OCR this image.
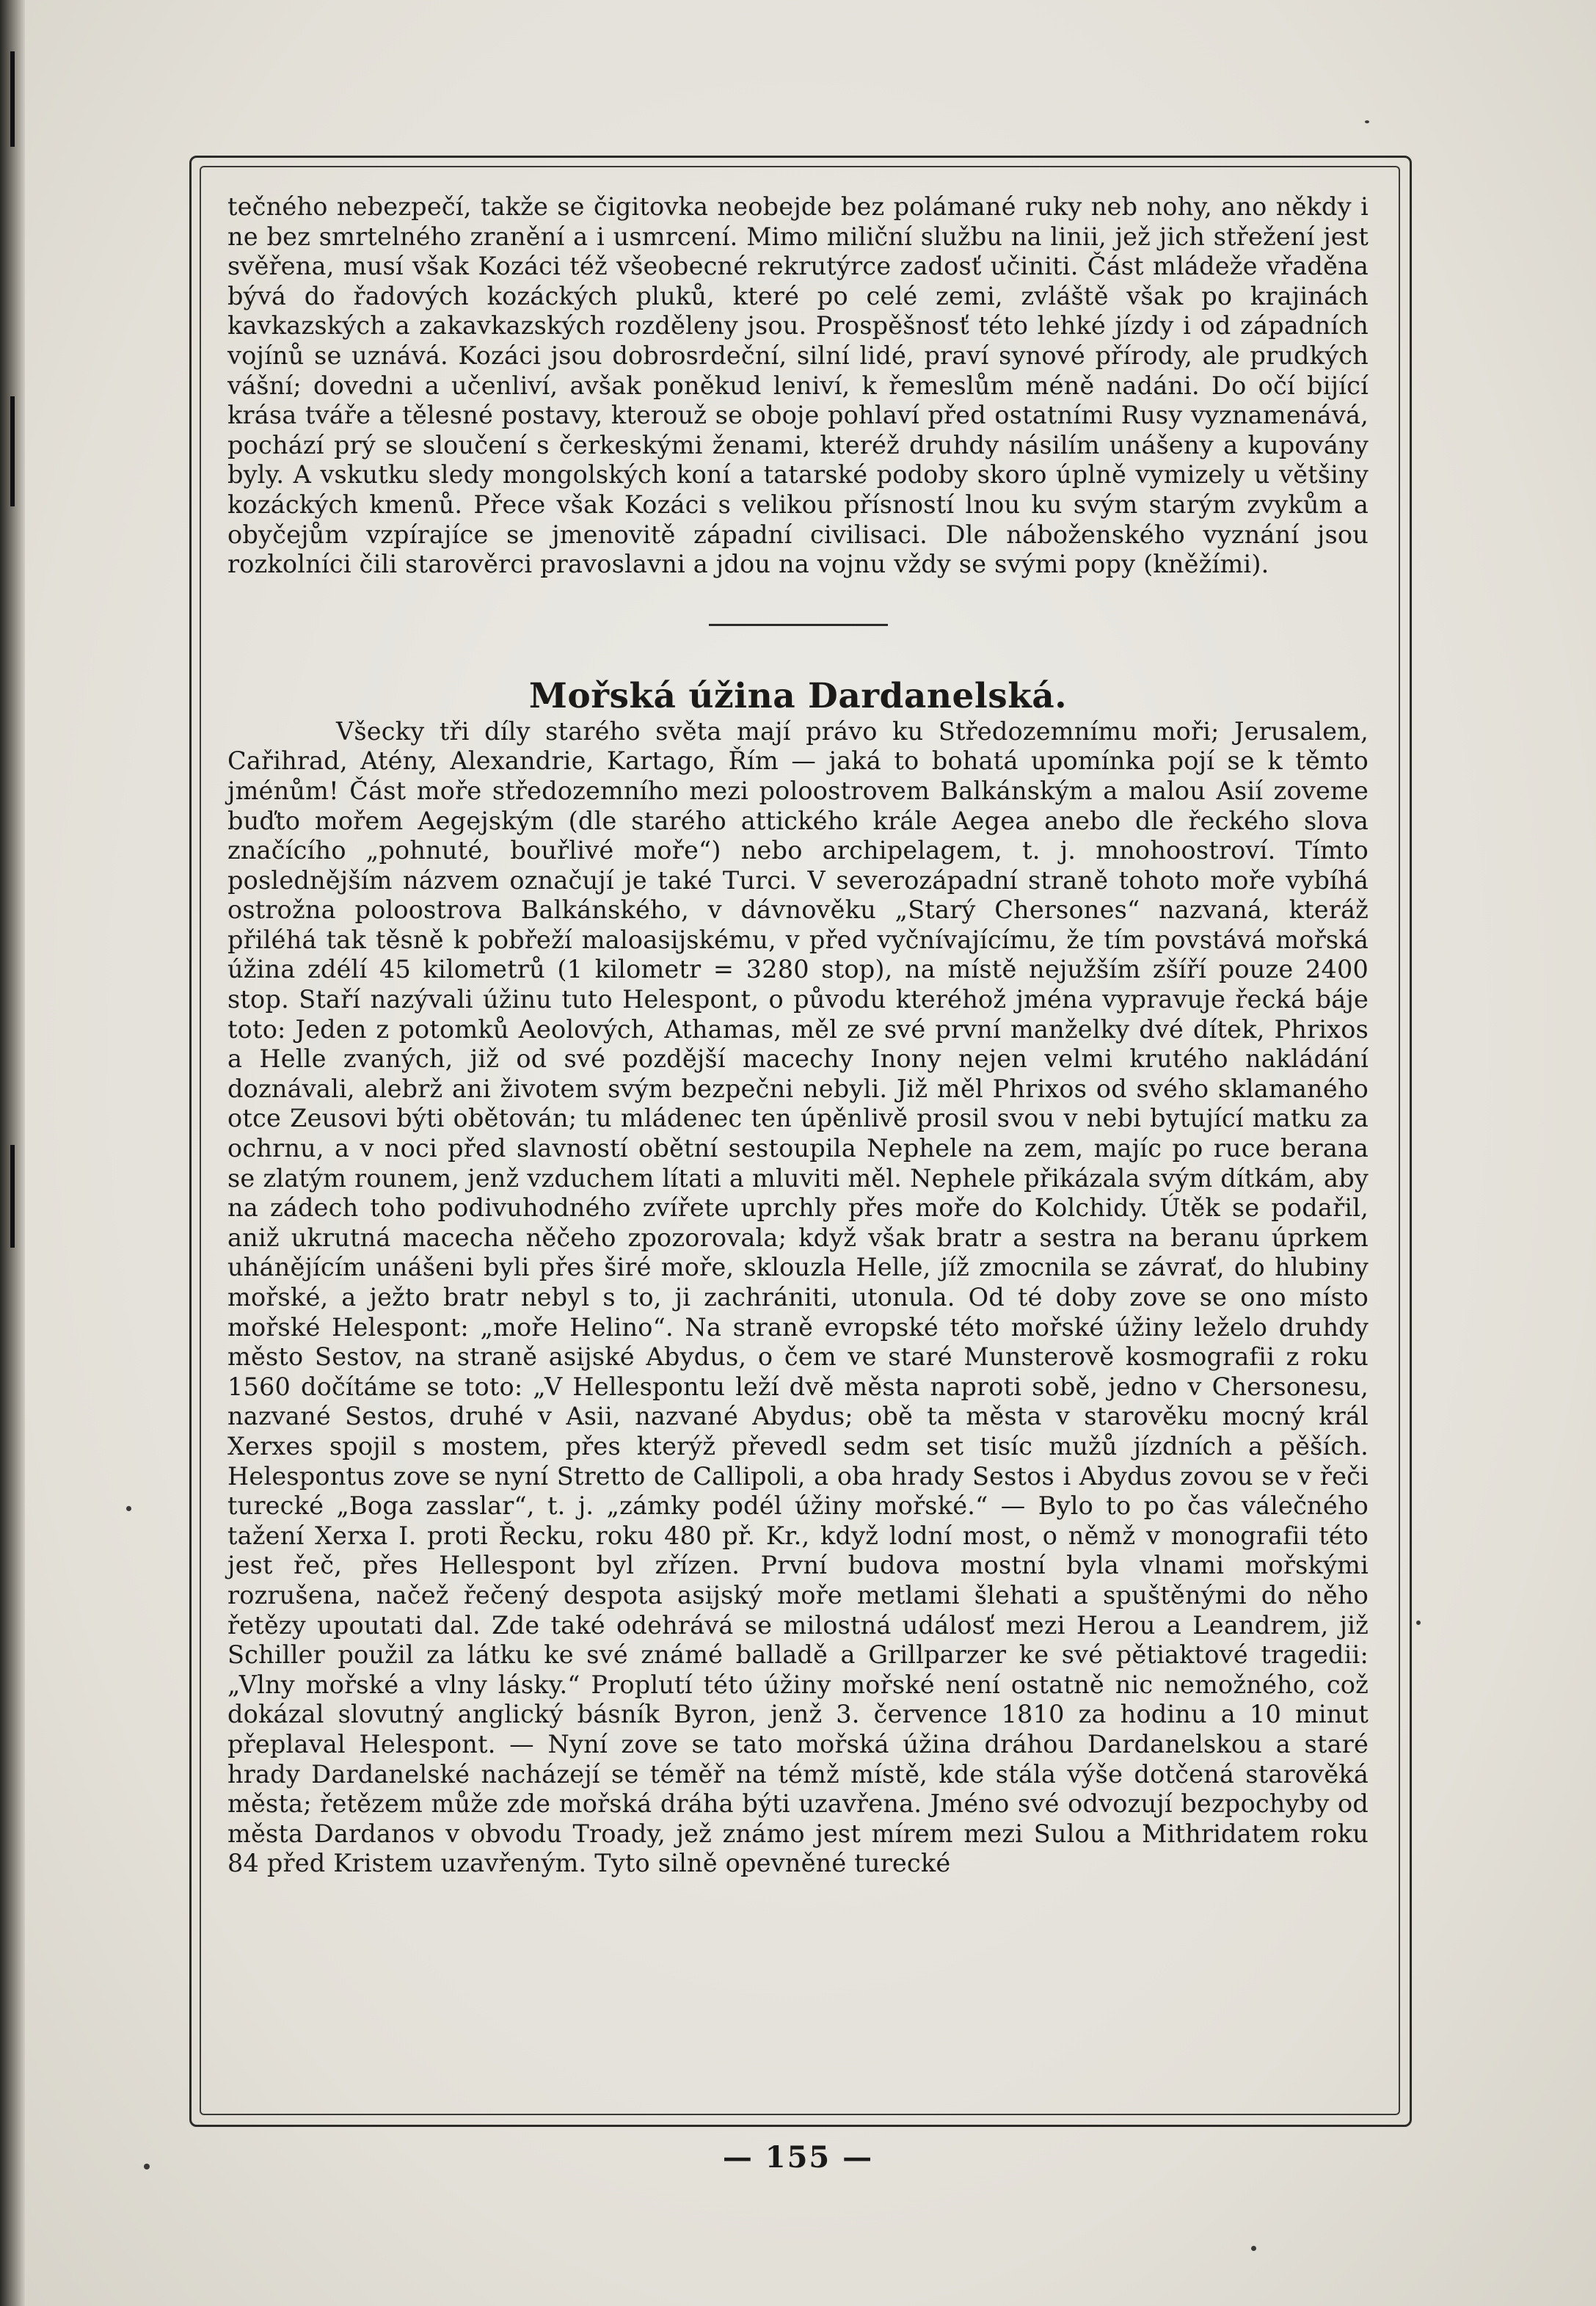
tečného nebezpečí, takže se čigitovka neobejde bez polámané ruky neb nohy, ano někdy i ne bez smrtelného zranění a i usmrcení. Mimo miliční službu na linii, jež jich střežení jest svěřena, musí však Kozáci též všeobecné rekrutýrce zadosť učiniti. Část mládeže vřaděna bývá do řadových kozáckých pluků, které po celé zemi, zvláště však po krajinách kavkazských a zakavkazských rozděleny jsou. Prospěšnosť této lehké jízdy i od západních vojínů se uznává. Kozáci jsou dobrosrdeční, silní lidé, praví synové přírody, ale prudkých vášní; dovedni a učenliví, avšak poněkud leniví, k řemeslům méně nadáni. Do očí bijící krása tváře a tělesné postavy, kterouž se oboje pohlaví před ostatními Rusy vyznamenává, pochází prý se sloučení s čerkeskými ženami, kteréž druhdy násilím unášeny a kupovány byly. A vskutku sledy mongolských koní a tatarské podoby skoro úplně vymizely u většiny kozáckých kmenů. Přece však Kozáci s velikou přísností lnou ku svým starým zvykům a obyčejům vzpírajíce se jmenovitě západní civilisaci. Dle náboženského vyznání jsou rozkolníci čili starověrci pravoslavni a jdou na vojnu vždy se svými popy (kněžími).

Mořská úžina Dardanelská.

Všecky tři díly starého světa mají právo ku Středozemnímu moři; Jerusalem, Cařihrad, Atény, Alexandrie, Kartago, Řím — jaká to bohatá upomínka pojí se k těmto jménům! Část moře středozemního mezi poloostrovem Balkánským a malou Asií zoveme buďto mořem Aegejským (dle starého attického krále Aegea anebo dle řeckého slova značícího „pohnuté, bouřlivé moře“) nebo archipelagem, t. j. mnohoostroví. Tímto poslednějším názvem označují je také Turci. V severozápadní straně tohoto moře vybíhá ostrožna poloostrova Balkánského, v dávnověku „Starý Chersones“ nazvaná, kteráž přiléhá tak těsně k pobřeží maloasijskému, v před vyčnívajícímu, že tím povstává mořská úžina zdélí 45 kilometrů (1 kilometr = 3280 stop), na místě nejužším zšíří pouze 2400 stop. Staří nazývali úžinu tuto Helespont, o původu kteréhož jména vypravuje řecká báje toto: Jeden z potomků Aeolových, Athamas, měl ze své první manželky dvé dítek, Phrixos a Helle zvaných, již od své pozdější macechy Inony nejen velmi krutého nakládání doznávali, alebrž ani životem svým bezpečni nebyli. Již měl Phrixos od svého sklamaného otce Zeusovi býti obětován; tu mládenec ten úpěnlivě prosil svou v nebi bytující matku za ochrnu, a v noci před slavností obětní sestoupila Nephele na zem, majíc po ruce berana se zlatým rounem, jenž vzduchem lítati a mluviti měl. Nephele přikázala svým dítkám, aby na zádech toho podivuhodného zvířete uprchly přes moře do Kolchidy. Útěk se podařil, aniž ukrutná macecha něčeho zpozorovala; když však bratr a sestra na beranu úprkem uhánějícím unášeni byli přes širé moře, sklouzla Helle, jíž zmocnila se závrať, do hlubiny mořské, a ježto bratr nebyl s to, ji zachrániti, utonula. Od té doby zove se ono místo mořské Helespont: „moře Helino“. Na straně evropské této mořské úžiny leželo druhdy město Sestov, na straně asijské Abydus, o čem ve staré Munsterově kosmografii z roku 1560 dočítáme se toto: „V Hellespontu leží dvě města naproti sobě, jedno v Chersonesu, nazvané Sestos, druhé v Asii, nazvané Abydus; obě ta města v starověku mocný král Xerxes spojil s mostem, přes kterýž převedl sedm set tisíc mužů jízdních a pěších. Helespontus zove se nyní Stretto de Callipoli, a oba hrady Sestos i Abydus zovou se v řeči turecké „Boga zasslar“, t. j. „zámky podél úžiny mořské.“ — Bylo to po čas válečného tažení Xerxa I. proti Řecku, roku 480 př. Kr., když lodní most, o němž v monografii této jest řeč, přes Hellespont byl zřízen. První budova mostní byla vlnami mořskými rozrušena, načež řečený despota asijský moře metlami šlehati a spuštěnými do něho řetězy upoutati dal. Zde také odehrává se milostná událosť mezi Herou a Leandrem, již Schiller použil za látku ke své známé balladě a Grillparzer ke své pětiaktové tragedii: „Vlny mořské a vlny lásky.“ Proplutí této úžiny mořské není ostatně nic nemožného, což dokázal slovutný anglický básník Byron, jenž 3. července 1810 za hodinu a 10 minut přeplaval Helespont. — Nyní zove se tato mořská úžina dráhou Dardanelskou a staré hrady Dardanelské nacházejí se téměř na témž místě, kde stála výše dotčená starověká města; řetězem může zde mořská dráha býti uzavřena. Jméno své odvozují bezpochyby od města Dardanos v obvodu Troady, jež známo jest mírem mezi Sulou a Mithridatem roku 84 před Kristem uzavřeným. Tyto silně opevněné turecké

— 155 —
